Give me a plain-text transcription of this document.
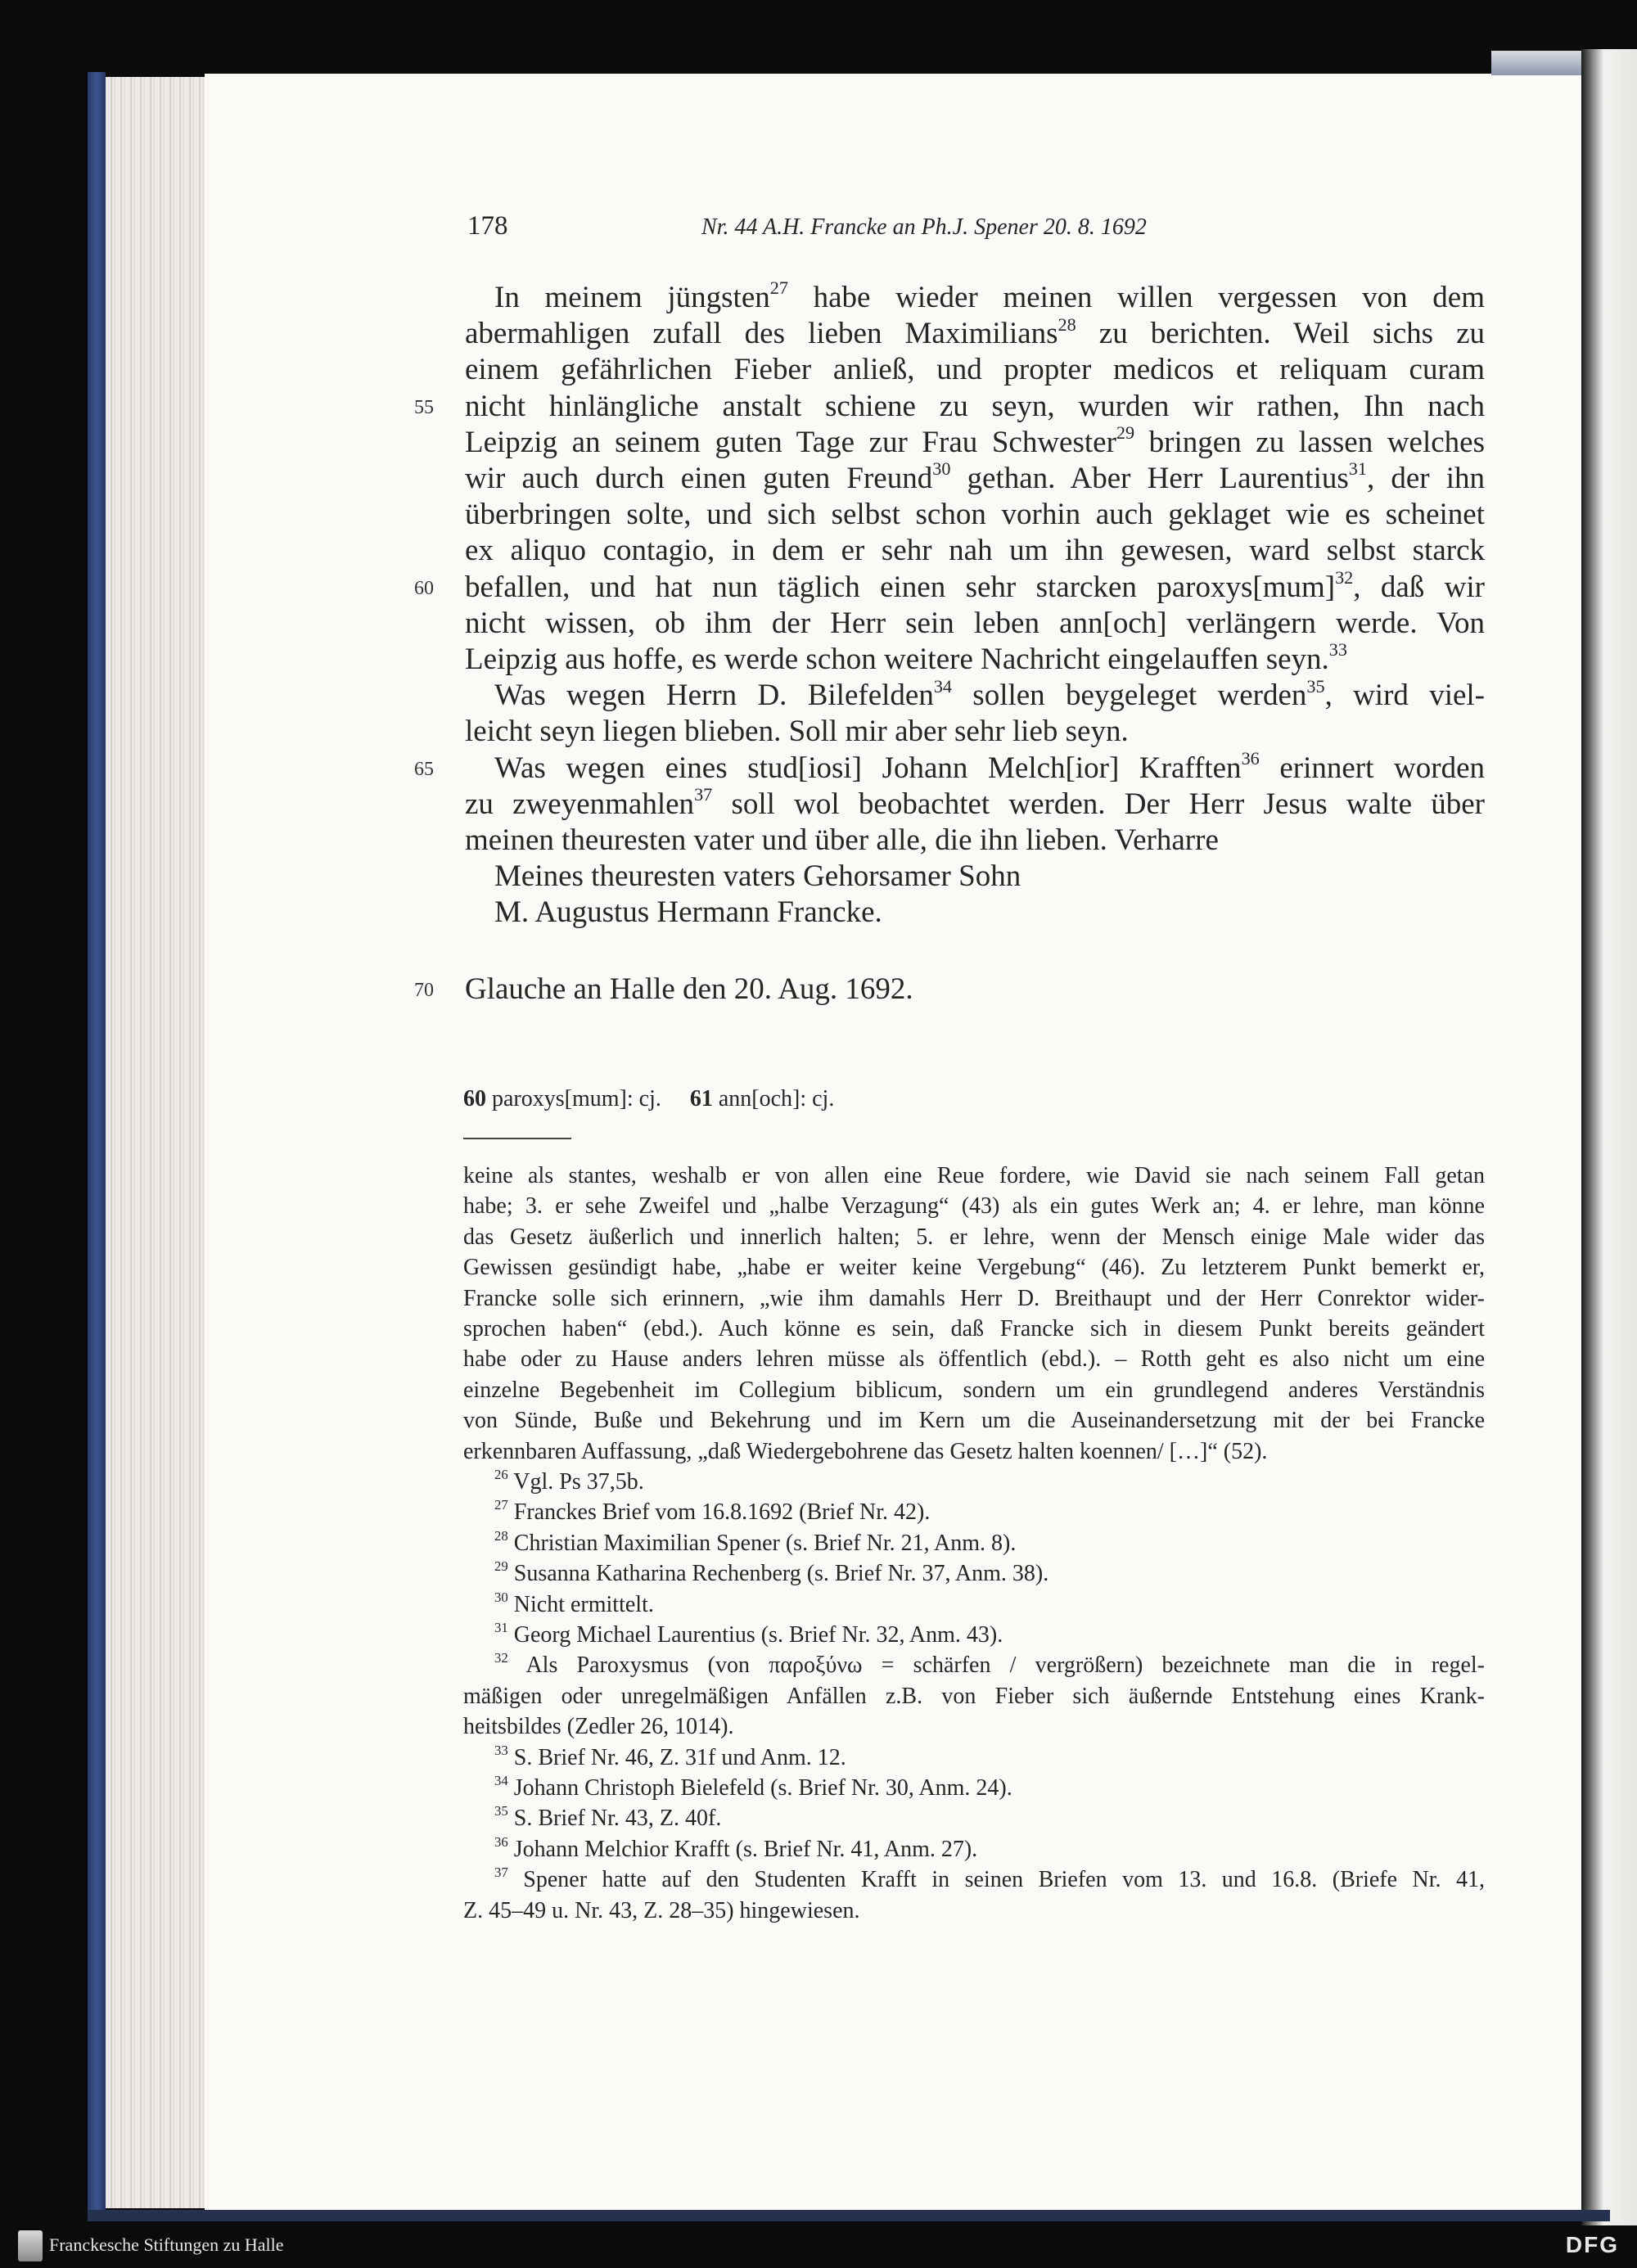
178	Nr. 44 A.H. Francke an Ph.J. Spener 20. 8. 1692
In meinem jüngsten$^{27}$ habe wieder meinen willen vergessen von dem
abermahligen zufall des lieben Maximilians$^{28}$ zu berichten. Weil sichs zu
einem gefährlichen Fieber anließ, und propter medicos et reliquam curam
nicht hinlängliche anstalt schiene zu seyn, wurden wir rathen, Ihn nach
Leipzig an seinem guten Tage zur Frau Schwester$^{29}$ bringen zu lassen welches
wir auch durch einen guten Freund$^{30}$ gethan. Aber Herr Laurentius$^{31}$, der ihn
überbringen solte, und sich selbst schon vorhin auch geklaget wie es scheinet
ex aliquo contagio, in dem er sehr nah um ihn gewesen, ward selbst starck
befallen, und hat nun täglich einen sehr starcken paroxys[mum]$^{32}$, daß wir
nicht wissen, ob ihm der Herr sein leben ann[och] verlängern werde. Von
Leipzig aus hoffe, es werde schon weitere Nachricht eingelauffen seyn.$^{33}$
Was wegen Herrn D. Bilefelden$^{34}$ sollen beygeleget werden$^{35}$, wird viel-
leicht seyn liegen blieben. Soll mir aber sehr lieb seyn.
Was wegen eines stud[iosi] Johann Melch[ior] Krafften$^{36}$ erinnert worden
zu zweyenmahlen$^{37}$ soll wol beobachtet werden. Der Herr Jesus walte über
meinen theuresten vater und über alle, die ihn lieben. Verharre
Meines theuresten vaters Gehorsamer Sohn
M. Augustus Hermann Francke.
Glauche an Halle den 20. Aug. 1692.
55
60
65
70
60 paroxys[mum]: cj. 61 ann[och]: cj.
keine als stantes, weshalb er von allen eine Reue fordere, wie David sie nach seinem Fall getan
habe; 3. er sehe Zweifel und „halbe Verzagung“ (43) als ein gutes Werk an; 4. er lehre, man könne
das Gesetz äußerlich und innerlich halten; 5. er lehre, wenn der Mensch einige Male wider das
Gewissen gesündigt habe, „habe er weiter keine Vergebung“ (46). Zu letzterem Punkt bemerkt er,
Francke solle sich erinnern, „wie ihm damahls Herr D. Breithaupt und der Herr Conrektor wider-
sprochen haben“ (ebd.). Auch könne es sein, daß Francke sich in diesem Punkt bereits geändert
habe oder zu Hause anders lehren müsse als öffentlich (ebd.). – Rotth geht es also nicht um eine
einzelne Begebenheit im Collegium biblicum, sondern um ein grundlegend anderes Verständnis
von Sünde, Buße und Bekehrung und im Kern um die Auseinandersetzung mit der bei Francke
erkennbaren Auffassung, „daß Wiedergebohrene das Gesetz halten koennen/ […]“ (52).
$^{26}$ Vgl. Ps 37,5b.
$^{27}$ Franckes Brief vom 16.8.1692 (Brief Nr. 42).
$^{28}$ Christian Maximilian Spener (s. Brief Nr. 21, Anm. 8).
$^{29}$ Susanna Katharina Rechenberg (s. Brief Nr. 37, Anm. 38).
$^{30}$ Nicht ermittelt.
$^{31}$ Georg Michael Laurentius (s. Brief Nr. 32, Anm. 43).
$^{32}$ Als Paroxysmus (von παροξύνω = schärfen / vergrößern) bezeichnete man die in regel-
mäßigen oder unregelmäßigen Anfällen z.B. von Fieber sich äußernde Entstehung eines Krank-
heitsbildes (Zedler 26, 1014).
$^{33}$ S. Brief Nr. 46, Z. 31f und Anm. 12.
$^{34}$ Johann Christoph Bielefeld (s. Brief Nr. 30, Anm. 24).
$^{35}$ S. Brief Nr. 43, Z. 40f.
$^{36}$ Johann Melchior Krafft (s. Brief Nr. 41, Anm. 27).
$^{37}$ Spener hatte auf den Studenten Krafft in seinen Briefen vom 13. und 16.8. (Briefe Nr. 41,
Z. 45–49 u. Nr. 43, Z. 28–35) hingewiesen.
Franckesche Stiftungen zu Halle	DFG
